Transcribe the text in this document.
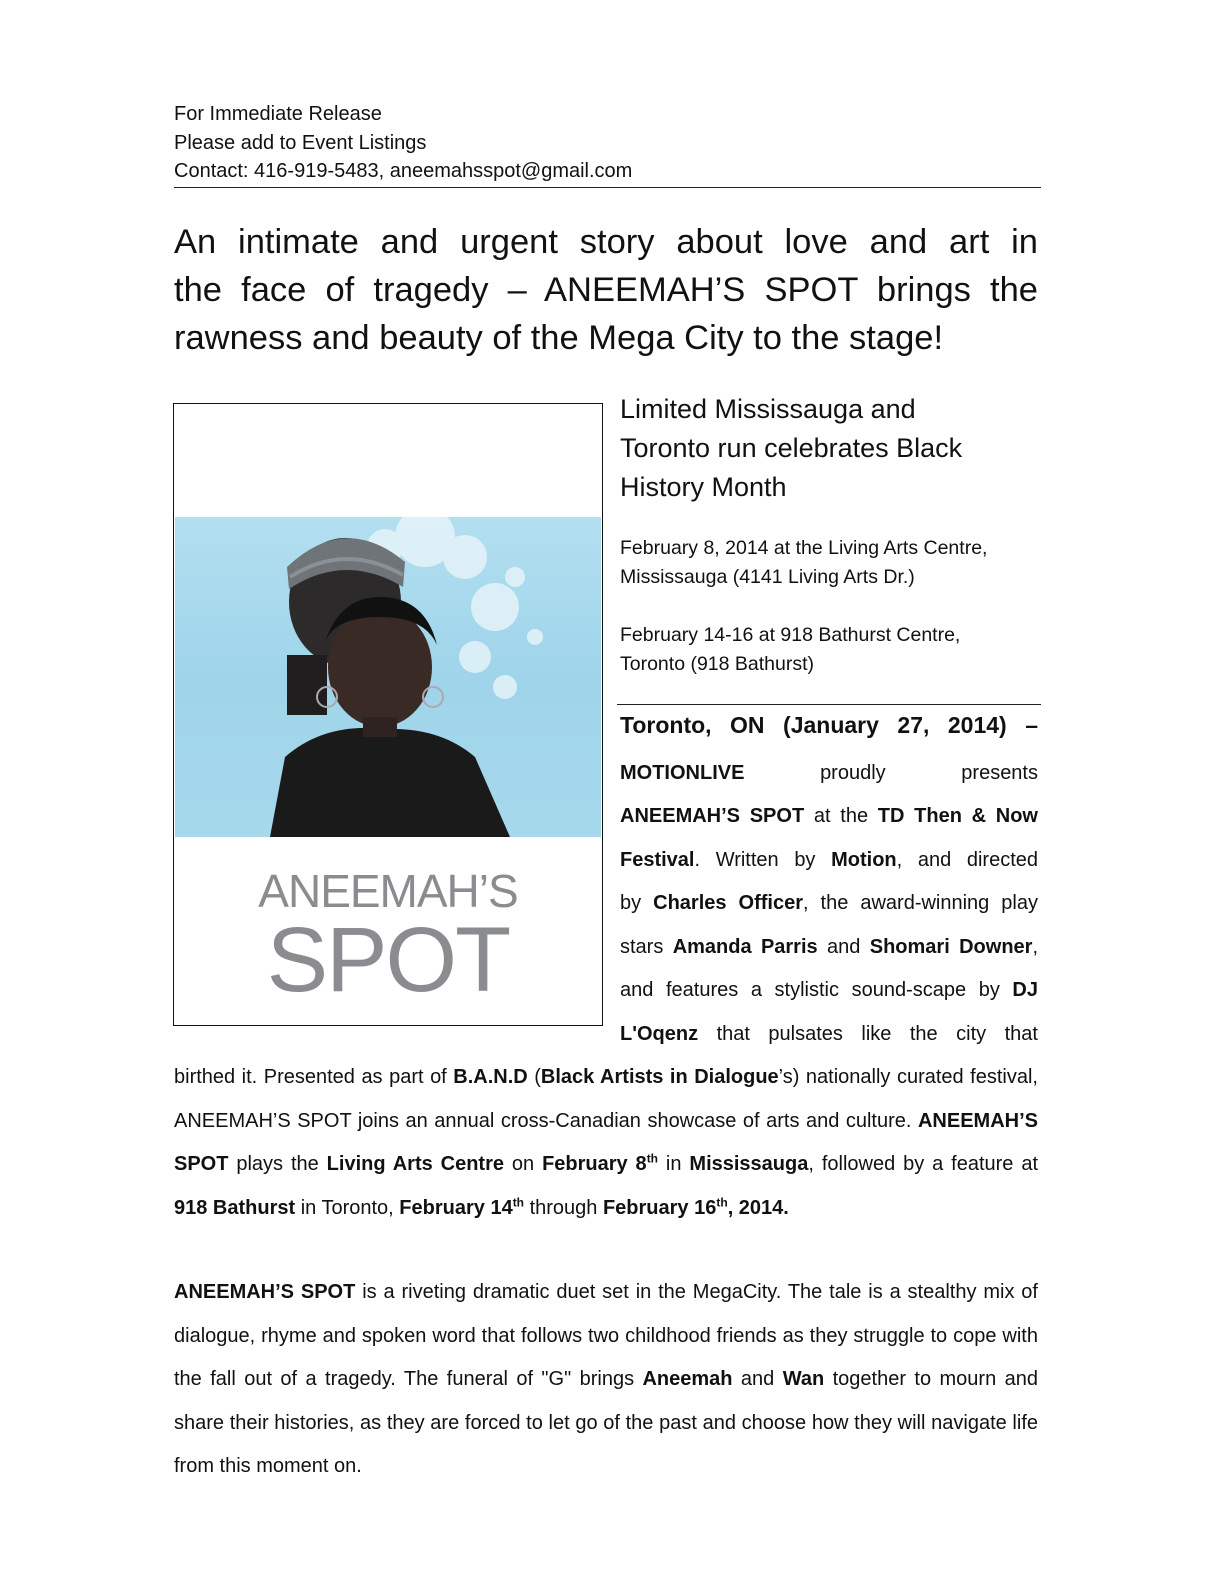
For Immediate Release
Please add to Event Listings
Contact: 416-919-5483, aneemahsspot@gmail.com
An intimate and urgent story about love and art in
the face of tragedy – ANEEMAH’S SPOT brings the
rawness and beauty of the Mega City to the stage!
ANEEMAH’S
SPOT
Limited Mississauga and
Toronto run celebrates Black
History Month
February 8, 2014 at the Living Arts Centre,
Mississauga (4141 Living Arts Dr.)
February 14-16 at 918 Bathurst Centre,
Toronto (918 Bathurst)
Toronto, ON (January 27, 2014) –
MOTIONLIVE	proudly	presents
ANEEMAH’S SPOT at the TD Then & Now
Festival. Written by Motion, and directed
by Charles Officer, the award-winning play
stars Amanda Parris and Shomari Downer,
and features a stylistic sound-scape by DJ
L'Oqenz that pulsates like the city that
birthed it. Presented as part of B.A.N.D (Black Artists in Dialogue’s) nationally curated festival, ANEEMAH’S SPOT joins an annual cross-Canadian showcase of arts and culture. ANEEMAH’S SPOT plays the Living Arts Centre on February 8th in Mississauga, followed by a feature at 918 Bathurst in Toronto, February 14th through February 16th, 2014.
ANEEMAH’S SPOT is a riveting dramatic duet set in the MegaCity. The tale is a stealthy mix of dialogue, rhyme and spoken word that follows two childhood friends as they struggle to cope with the fall out of a tragedy. The funeral of "G" brings Aneemah and Wan together to mourn and share their histories, as they are forced to let go of the past and choose how they will navigate life from this moment on.
